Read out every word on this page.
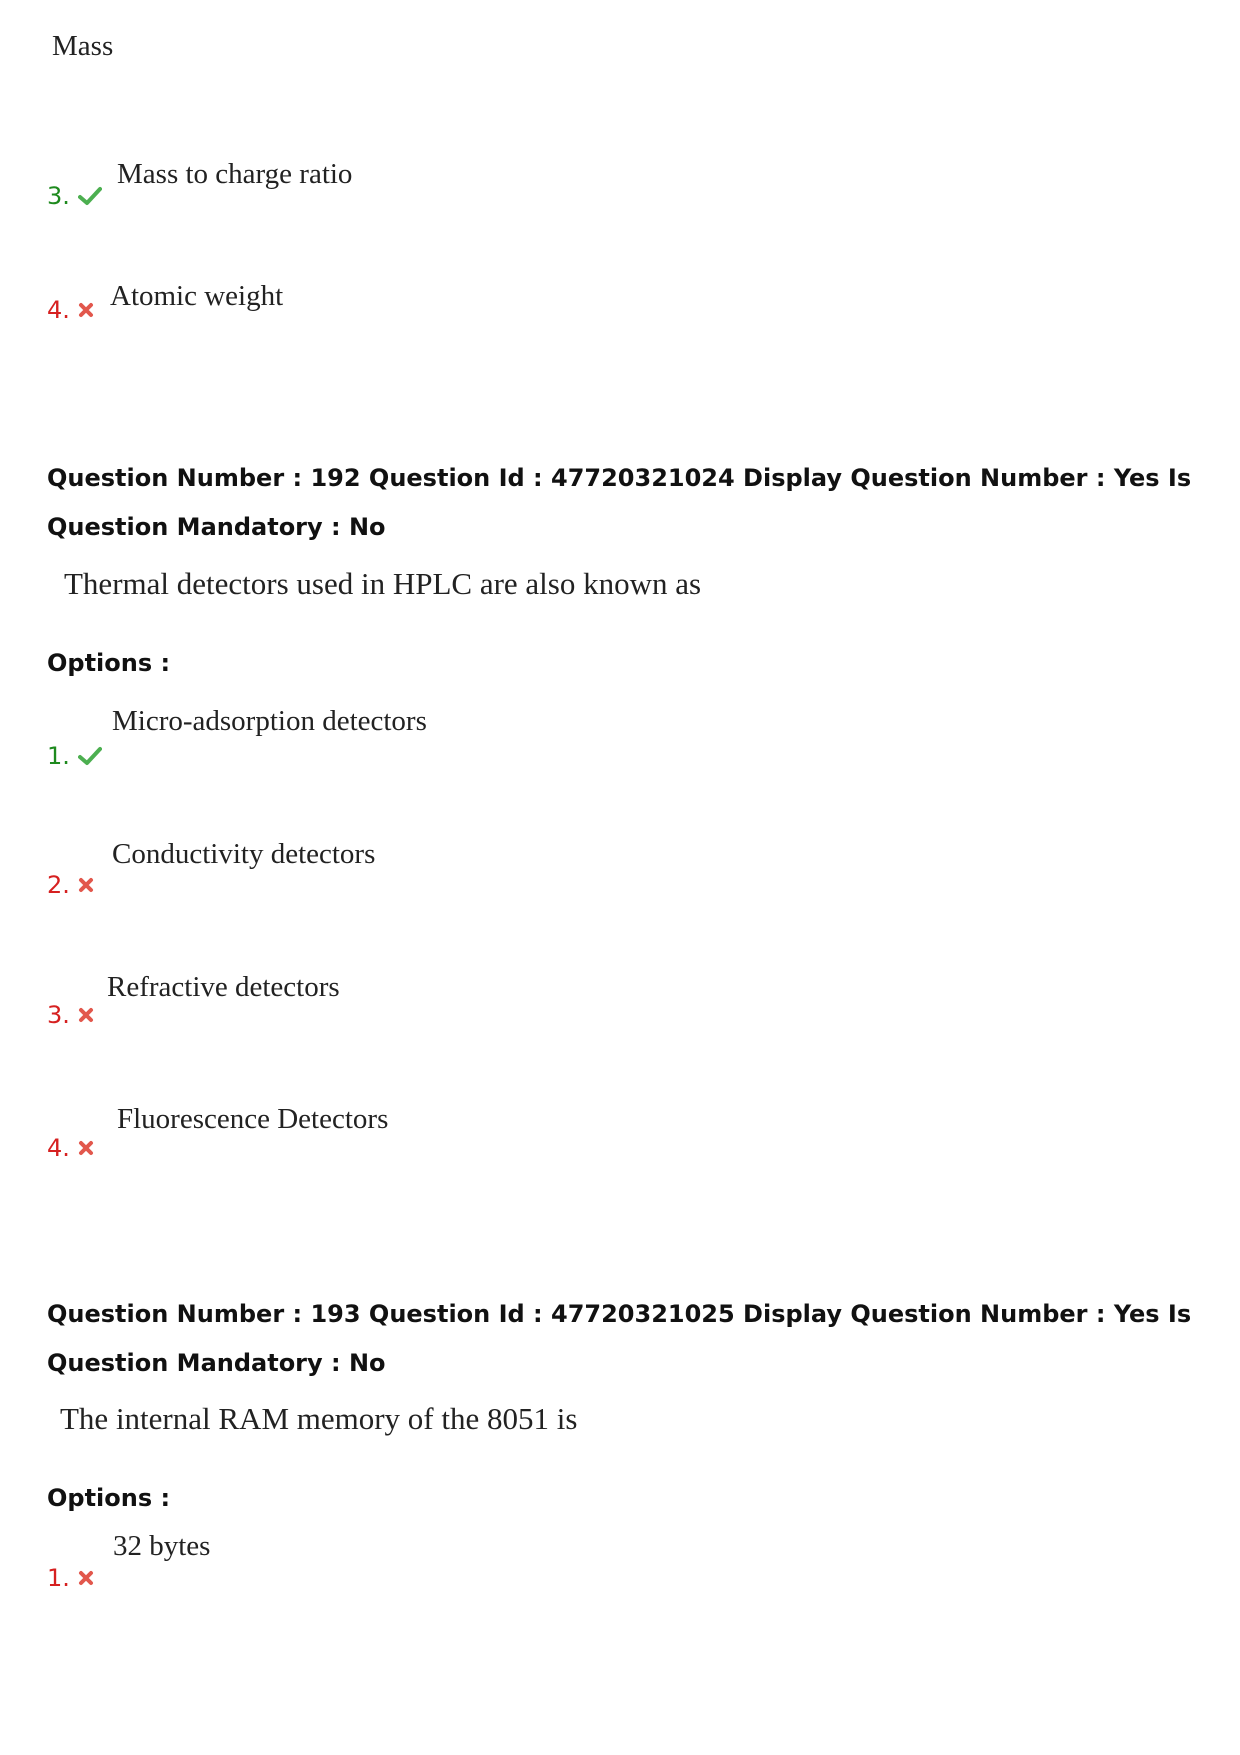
Mass
3.
Mass to charge ratio
4. Atomic weight
Question Number : 192 Question Id : 47720321024 Display Question Number : Yes Is Question Mandatory : No
Thermal detectors used in HPLC are also known as
Options :
1.
Micro-adsorption detectors
2.
Conductivity detectors
3.
Refractive detectors
4.
Fluorescence Detectors
Question Number : 193 Question Id : 47720321025 Display Question Number : Yes Is Question Mandatory : No
The internal RAM memory of the 8051 is
Options :
1.
32 bytes
